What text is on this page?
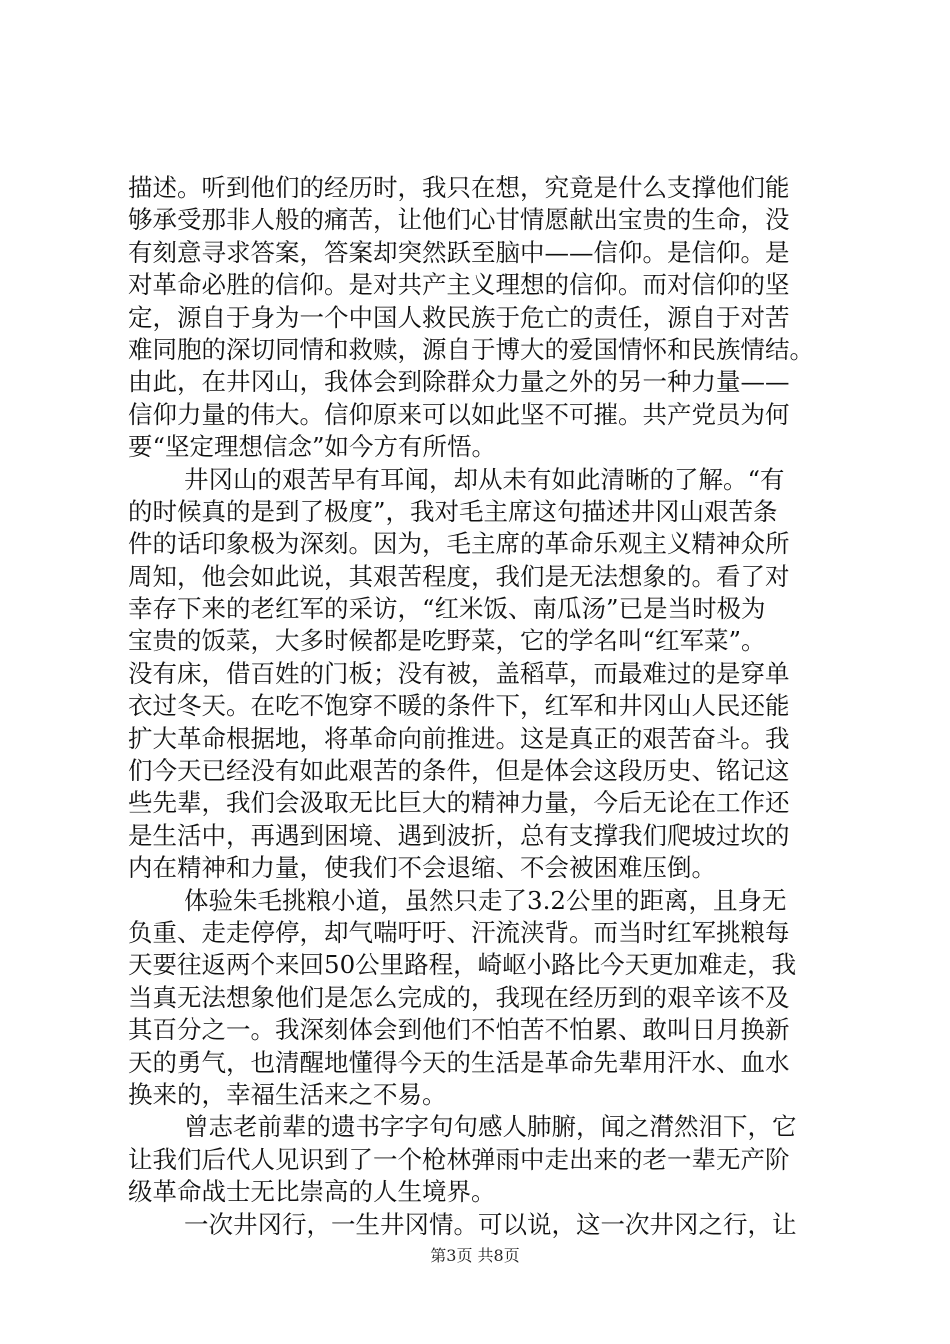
描述。听到他们的经历时，我只在想，究竟是什么支撑他们能
够承受那非人般的痛苦，让他们心甘情愿献出宝贵的生命，没
有刻意寻求答案，答案却突然跃至脑中——信仰。是信仰。是
对革命必胜的信仰。是对共产主义理想的信仰。而对信仰的坚
定，源自于身为一个中国人救民族于危亡的责任，源自于对苦
难同胞的深切同情和救赎，源自于博大的爱国情怀和民族情结。
由此，在井冈山，我体会到除群众力量之外的另一种力量——
信仰力量的伟大。信仰原来可以如此坚不可摧。共产党员为何
要“坚定理想信念”如今方有所悟。
井冈山的艰苦早有耳闻，却从未有如此清晰的了解。“有
的时候真的是到了极度”，我对毛主席这句描述井冈山艰苦条
件的话印象极为深刻。因为，毛主席的革命乐观主义精神众所
周知，他会如此说，其艰苦程度，我们是无法想象的。看了对
幸存下来的老红军的采访，“红米饭、南瓜汤”已是当时极为
宝贵的饭菜，大多时候都是吃野菜，它的学名叫“红军菜”。
没有床，借百姓的门板；没有被，盖稻草，而最难过的是穿单
衣过冬天。在吃不饱穿不暖的条件下，红军和井冈山人民还能
扩大革命根据地，将革命向前推进。这是真正的艰苦奋斗。我
们今天已经没有如此艰苦的条件，但是体会这段历史、铭记这
些先辈，我们会汲取无比巨大的精神力量，今后无论在工作还
是生活中，再遇到困境、遇到波折，总有支撑我们爬坡过坎的
内在精神和力量，使我们不会退缩、不会被困难压倒。
体验朱毛挑粮小道，虽然只走了3.2公里的距离，且身无
负重、走走停停，却气喘吁吁、汗流浃背。而当时红军挑粮每
天要往返两个来回50公里路程，崎岖小路比今天更加难走，我
当真无法想象他们是怎么完成的，我现在经历到的艰辛该不及
其百分之一。我深刻体会到他们不怕苦不怕累、敢叫日月换新
天的勇气，也清醒地懂得今天的生活是革命先辈用汗水、血水
换来的，幸福生活来之不易。
曾志老前辈的遗书字字句句感人肺腑，闻之潸然泪下，它
让我们后代人见识到了一个枪林弹雨中走出来的老一辈无产阶
级革命战士无比崇高的人生境界。
一次井冈行，一生井冈情。可以说，这一次井冈之行，让
第3页 共8页
